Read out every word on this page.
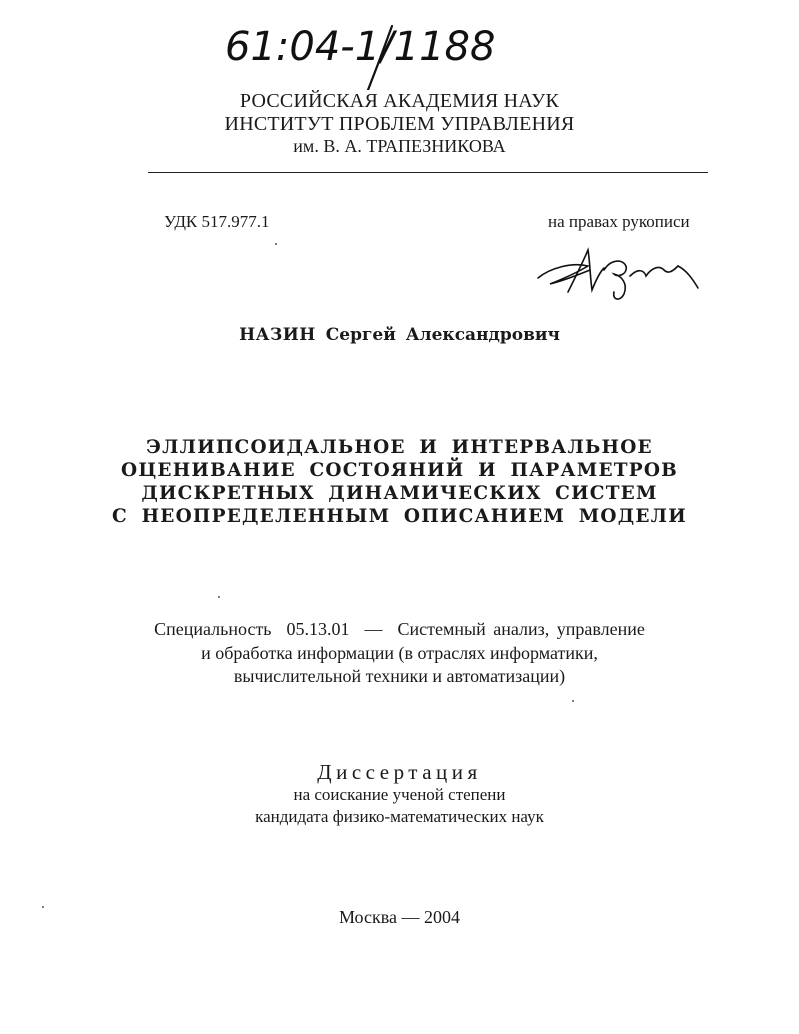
61:04-1/1188
РОССИЙСКАЯ АКАДЕМИЯ НАУК
ИНСТИТУТ ПРОБЛЕМ УПРАВЛЕНИЯ
им. В. А. ТРАПЕЗНИКОВА
УДК 517.977.1	на правах рукописи
НАЗИН Сергей Александрович
ЭЛЛИПСОИДАЛЬНОЕ И ИНТЕРВАЛЬНОЕ
ОЦЕНИВАНИЕ СОСТОЯНИЙ И ПАРАМЕТРОВ
ДИСКРЕТНЫХ ДИНАМИЧЕСКИХ СИСТЕМ
С НЕОПРЕДЕЛЕННЫМ ОПИСАНИЕМ МОДЕЛИ
Специальность  05.13.01  —  Системный анализ, управление
и обработка информации (в отраслях информатики,
вычислительной техники и автоматизации)
Диссертация
на соискание ученой степени
кандидата физико-математических наук
Москва — 2004
